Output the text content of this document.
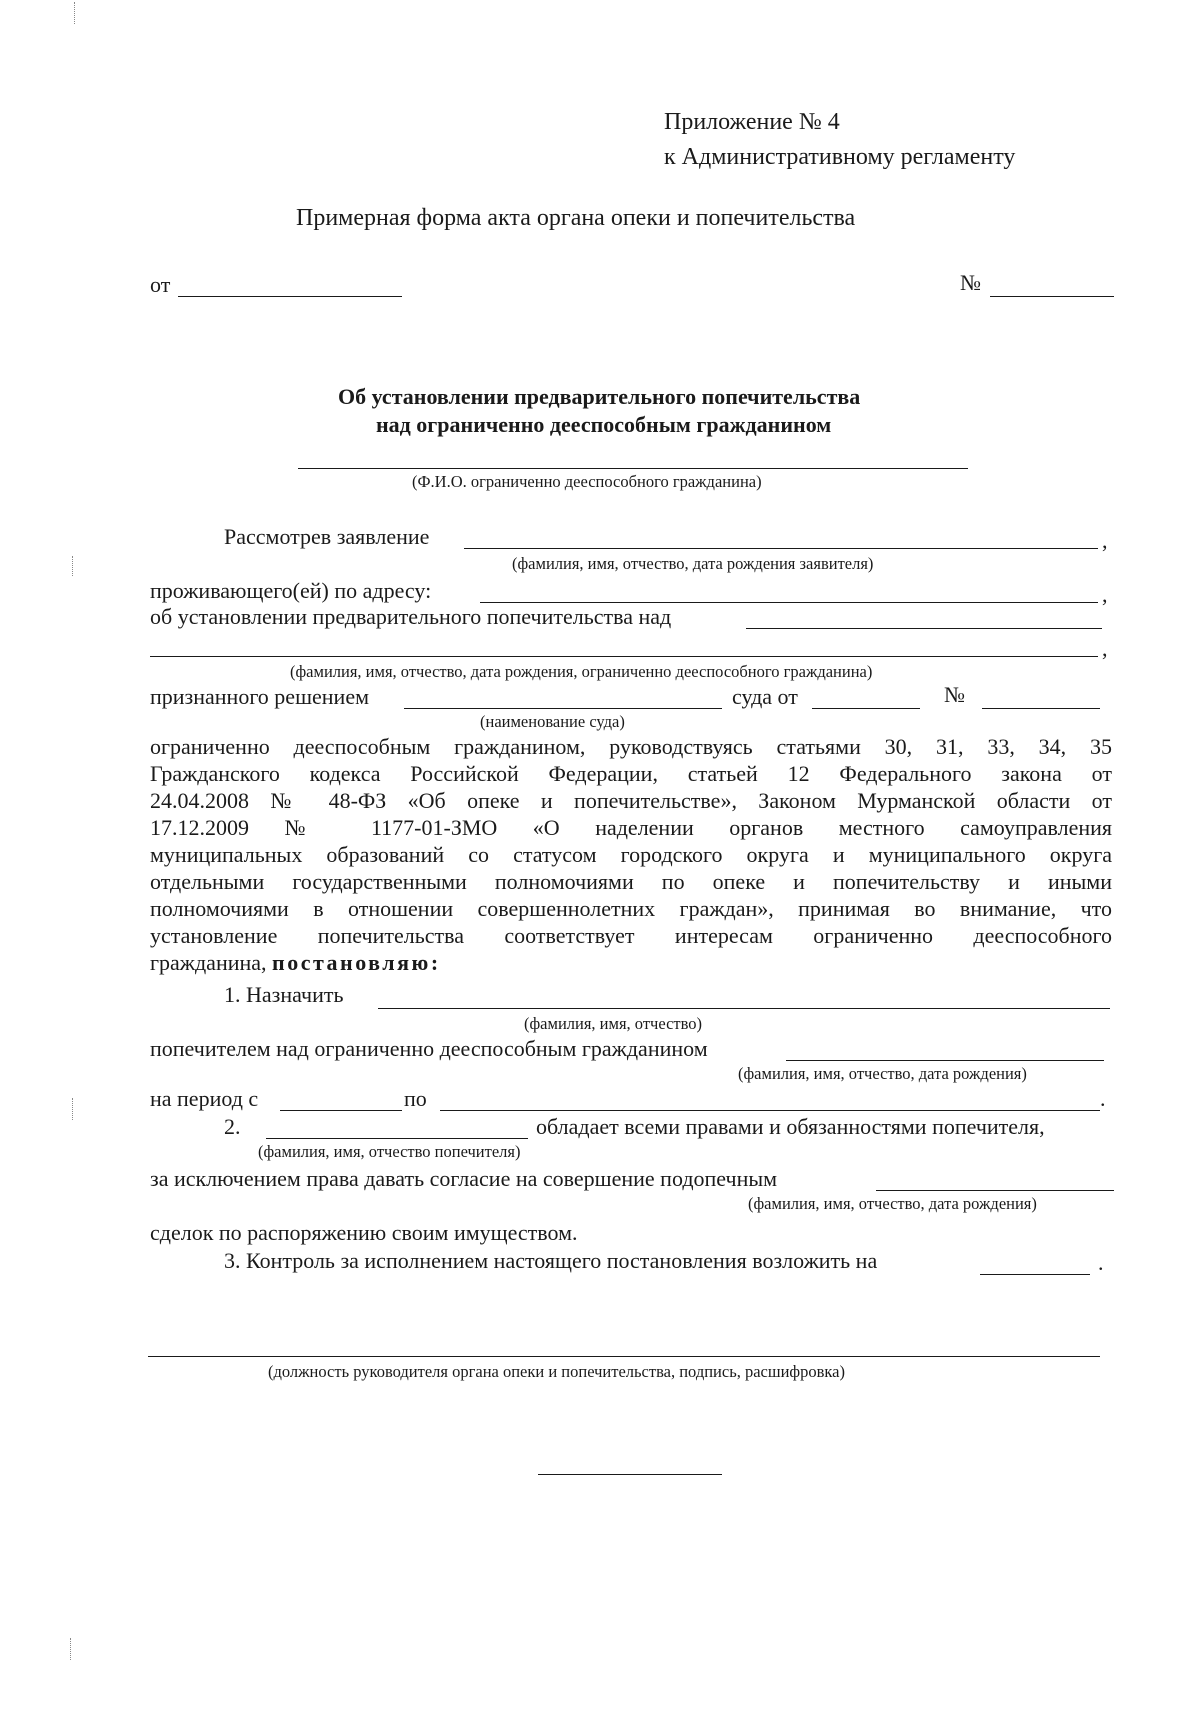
Приложение № 4
к Административному регламенту
Примерная форма акта органа опеки и попечительства
от	№
Об установлении предварительного попечительства
над ограниченно дееспособным гражданином
(Ф.И.О. ограниченно дееспособного гражданина)
Рассмотрев заявление	,
(фамилия, имя, отчество, дата рождения заявителя)
проживающего(ей) по адресу:	,
об установлении предварительного попечительства над
,
(фамилия, имя, отчество, дата рождения, ограниченно дееспособного гражданина)
признанного решением	суда от	№
(наименование суда)
ограниченно дееспособным гражданином, руководствуясь статьями 30, 31, 33, 34, 35
Гражданского кодекса Российской Федерации, статьей 12 Федерального закона от
24.04.2008 № 48-ФЗ «Об опеке и попечительстве», Законом Мурманской области от
17.12.2009 № 1177-01-ЗМО «О наделении органов местного самоуправления
муниципальных образований со статусом городского округа и муниципального округа
отдельными государственными полномочиями по опеке и попечительству и иными
полномочиями в отношении совершеннолетних граждан», принимая во внимание, что
установление попечительства соответствует интересам ограниченно дееспособного
гражданина, постановляю:
1. Назначить
(фамилия, имя, отчество)
попечителем над ограниченно дееспособным гражданином
(фамилия, имя, отчество, дата рождения)
на период с	по	.
2.	обладает всеми правами и обязанностями попечителя,
(фамилия, имя, отчество попечителя)
за исключением права давать согласие на совершение подопечным
(фамилия, имя, отчество, дата рождения)
сделок по распоряжению своим имуществом.
3. Контроль за исполнением настоящего постановления возложить на	.
(должность руководителя органа опеки и попечительства, подпись, расшифровка)
